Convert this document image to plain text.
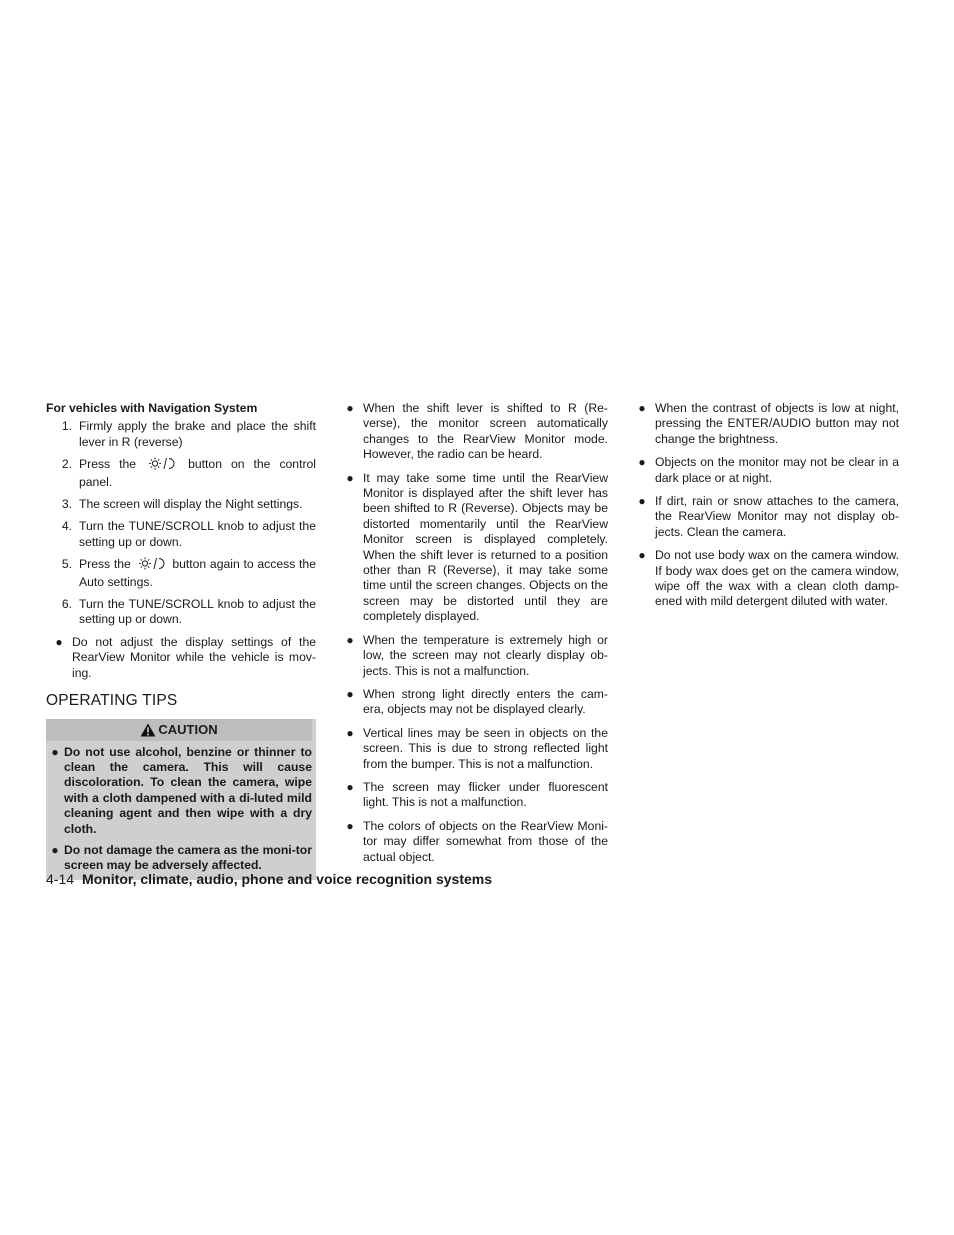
For vehicles with Navigation System
1. Firmly apply the brake and place the shift lever in R (reverse)
2. Press the	button on the control panel.
3. The screen will display the Night settings.
4. Turn the TUNE/SCROLL knob to adjust the setting up or down.
5. Press the	button again to access the Auto settings.
6. Turn the TUNE/SCROLL knob to adjust the setting up or down.
● Do not adjust the display settings of the RearView Monitor while the vehicle is mov-ing.
OPERATING TIPS
CAUTION
● Do not use alcohol, benzine or thinner to clean the camera. This will cause discoloration. To clean the camera, wipe with a cloth dampened with a di-luted mild cleaning agent and then wipe with a dry cloth.
● Do not damage the camera as the moni-tor screen may be adversely affected.
● When the shift lever is shifted to R (Re-verse), the monitor screen automatically changes to the RearView Monitor mode. However, the radio can be heard.
● It may take some time until the RearView Monitor is displayed after the shift lever has been shifted to R (Reverse). Objects may be distorted momentarily until the RearView Monitor screen is displayed completely. When the shift lever is returned to a position other than R (Reverse), it may take some time until the screen changes. Objects on the screen may be distorted until they are completely displayed.
● When the temperature is extremely high or low, the screen may not clearly display ob-jects. This is not a malfunction.
● When strong light directly enters the cam-era, objects may not be displayed clearly.
● Vertical lines may be seen in objects on the screen. This is due to strong reflected light from the bumper. This is not a malfunction.
● The screen may flicker under fluorescent light. This is not a malfunction.
● The colors of objects on the RearView Moni-tor may differ somewhat from those of the actual object.
● When the contrast of objects is low at night, pressing the ENTER/AUDIO button may not change the brightness.
● Objects on the monitor may not be clear in a dark place or at night.
● If dirt, rain or snow attaches to the camera, the RearView Monitor may not display ob-jects. Clean the camera.
● Do not use body wax on the camera window. If body wax does get on the camera window, wipe off the wax with a clean cloth damp-ened with mild detergent diluted with water.
4-14 Monitor, climate, audio, phone and voice recognition systems
